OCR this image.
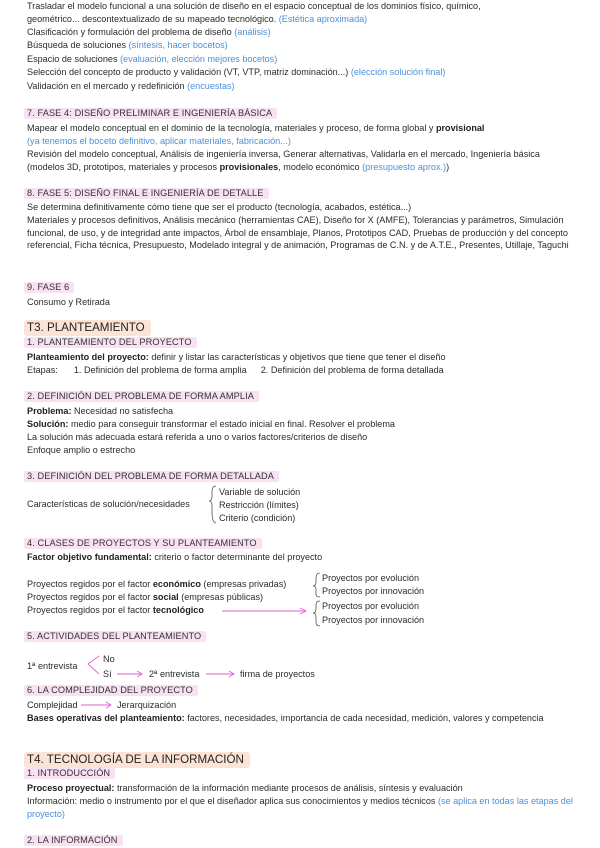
Trasladar el modelo funcional a una solución de diseño en el espacio conceptual de los dominios físico, químico,
geométrico... descontextualizado de su mapeado tecnológico. (Estética aproximada)
Clasificación y formulación del problema de diseño (análisis)
Búsqueda de soluciones (síntesis, hacer bocetos)
Espacio de soluciones (evaluación, elección mejores bocetos)
Selección del concepto de producto y validación (VT, VTP, matriz dominación...) (elección solución final)
Validación en el mercado y redefinición (encuestas)
7. FASE 4: DISEÑO PRELIMINAR E INGENIERÍA BÁSICA
Mapear el modelo conceptual en el dominio de la tecnología, materiales y proceso, de forma global y provisional
(ya tenemos el boceto definitivo, aplicar materiales, fabricación...)
Revisión del modelo conceptual, Análisis de ingeniería inversa, Generar alternativas, Validarla en el mercado, Ingeniería básica (modelos 3D, prototipos, materiales y procesos provisionales, modelo económico (presupuesto aprox.))
8. FASE 5: DISEÑO FINAL E INGENIERÍA DE DETALLE
Se determina definitivamente cómo tiene que ser el producto (tecnología, acabados, estética...)
Materiales y procesos definitivos, Análisis mecánico (herramientas CAE), Diseño for X (AMFE), Tolerancias y parámetros, Simulación funcional, de uso, y de integridad ante impactos, Árbol de ensamblaje, Planos, Prototipos CAD, Pruebas de producción y del concepto referencial, Ficha técnica, Presupuesto, Modelado integral y de animación, Programas de C.N. y de A.T.E., Presentes, Utillaje, Taguchi
9. FASE 6
Consumo y Retirada
T3. PLANTEAMIENTO
1. PLANTEAMIENTO DEL PROYECTO
Planteamiento del proyecto: definir y listar las características y objetivos que tiene que tener el diseño
Etapas: 1. Definición del problema de forma amplia 2. Definición del problema de forma detallada
2. DEFINICIÓN DEL PROBLEMA DE FORMA AMPLIA
Problema: Necesidad no satisfecha
Solución: medio para conseguir transformar el estado inicial en final. Resolver el problema
La solución más adecuada estará referida a uno o varios factores/criterios de diseño
Enfoque amplio o estrecho
3. DEFINICIÓN DEL PROBLEMA DE FORMA DETALLADA
Características de solución/necesidades
Variable de solución
Restricción (límites)
Criterio (condición)
4. CLASES DE PROYECTOS Y SU PLANTEAMIENTO
Factor objetivo fundamental: criterio o factor determinante del proyecto
Proyectos regidos por el factor económico (empresas privadas)
Proyectos regidos por el factor social (empresas públicas)
Proyectos regidos por el factor tecnológico
Proyectos por evolución
Proyectos por innovación
Proyectos por evolución
Proyectos por innovación
5. ACTIVIDADES DEL PLANTEAMIENTO
1ª entrevista
No
Sí	2ª entrevista	firma de proyectos
6. LA COMPLEJIDAD DEL PROYECTO
Complejidad	Jerarquización
Bases operativas del planteamiento: factores, necesidades, importancia de cada necesidad, medición, valores y competencia
T4. TECNOLOGÍA DE LA INFORMACIÓN
1. INTRODUCCIÓN
Proceso proyectual: transformación de la información mediante procesos de análisis, síntesis y evaluación
Información: medio o instrumento por el que el diseñador aplica sus conocimientos y medios técnicos (se aplica en todas las etapas del proyecto)
2. LA INFORMACIÓN
